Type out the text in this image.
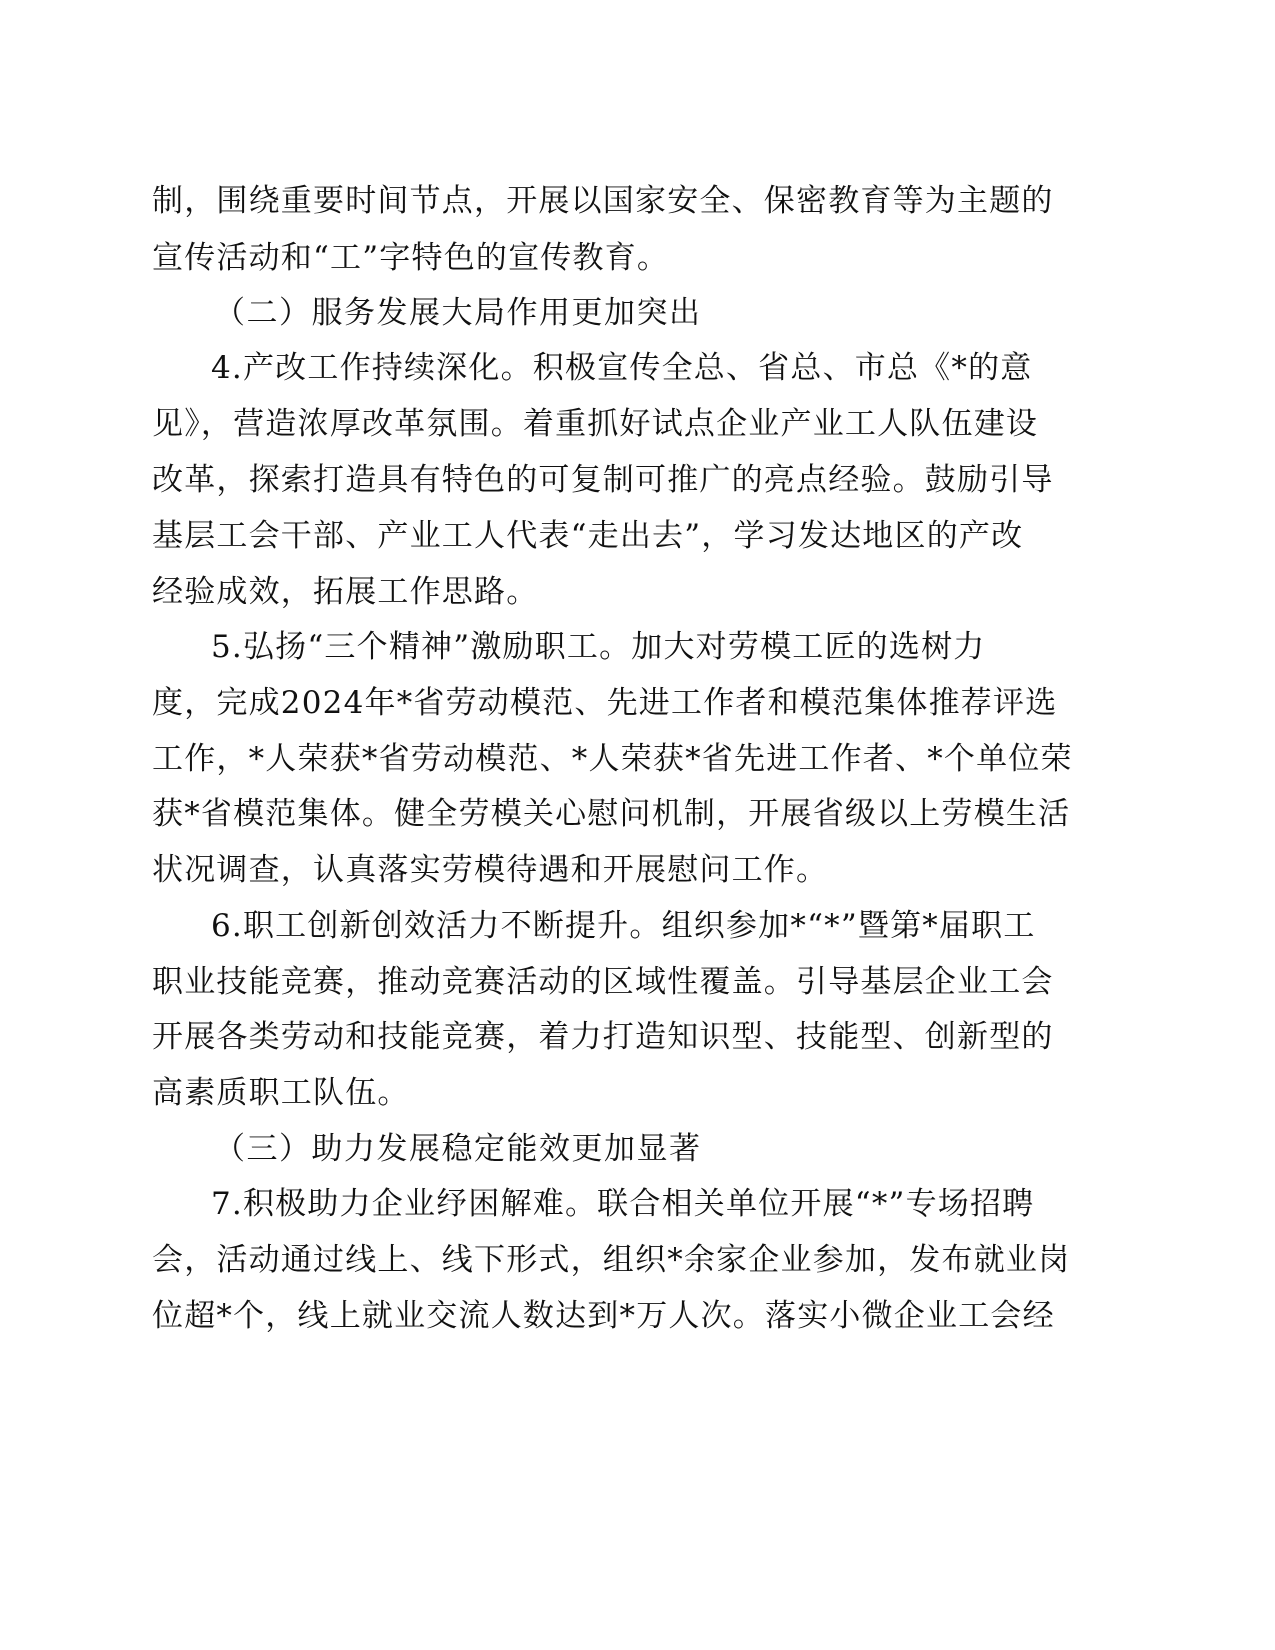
制，围绕重要时间节点，开展以国家安全、保密教育等为主题的
宣传活动和“工”字特色的宣传教育。
（二）服务发展大局作用更加突出
4.产改工作持续深化。积极宣传全总、省总、市总《*的意
见》，营造浓厚改革氛围。着重抓好试点企业产业工人队伍建设
改革，探索打造具有特色的可复制可推广的亮点经验。鼓励引导
基层工会干部、产业工人代表“走出去”，学习发达地区的产改
经验成效，拓展工作思路。
5.弘扬“三个精神”激励职工。加大对劳模工匠的选树力
度，完成2024年*省劳动模范、先进工作者和模范集体推荐评选
工作，*人荣获*省劳动模范、*人荣获*省先进工作者、*个单位荣
获*省模范集体。健全劳模关心慰问机制，开展省级以上劳模生活
状况调查，认真落实劳模待遇和开展慰问工作。
6.职工创新创效活力不断提升。组织参加*“*”暨第*届职工
职业技能竞赛，推动竞赛活动的区域性覆盖。引导基层企业工会
开展各类劳动和技能竞赛，着力打造知识型、技能型、创新型的
高素质职工队伍。
（三）助力发展稳定能效更加显著
7.积极助力企业纾困解难。联合相关单位开展“*”专场招聘
会，活动通过线上、线下形式，组织*余家企业参加，发布就业岗
位超*个，线上就业交流人数达到*万人次。落实小微企业工会经
